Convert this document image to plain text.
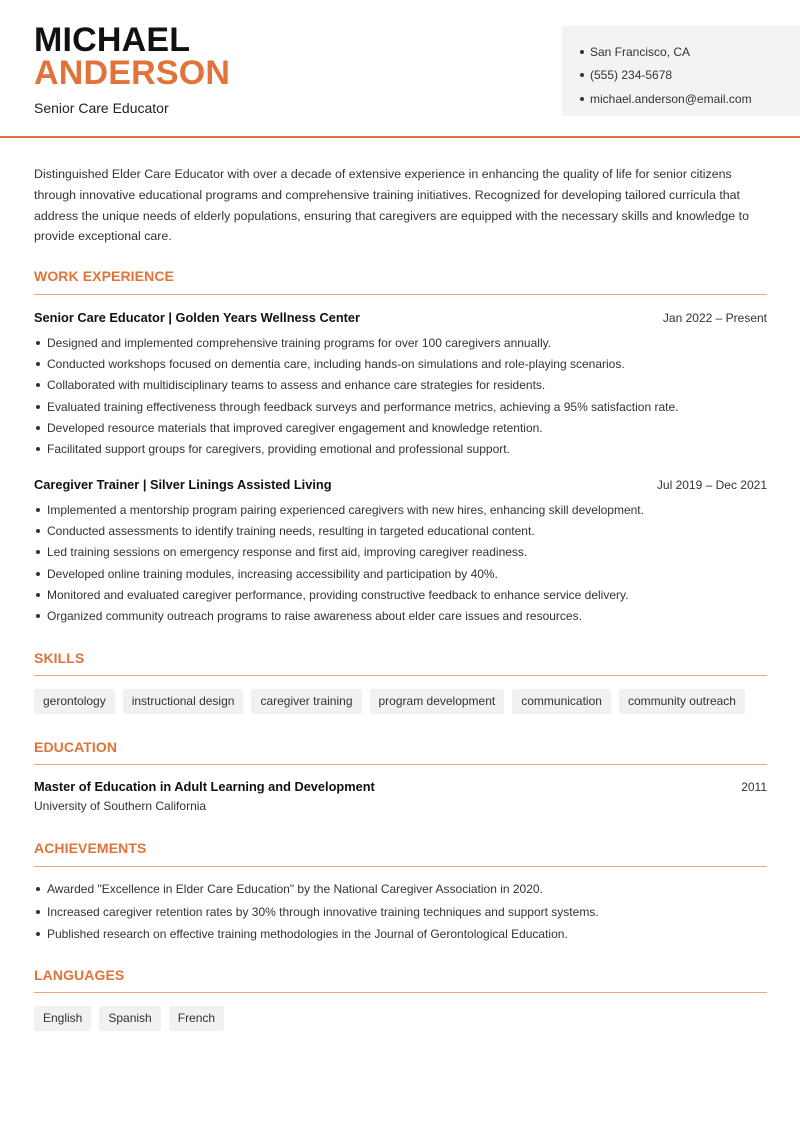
MICHAEL
ANDERSON
Senior Care Educator
San Francisco, CA
(555) 234-5678
michael.anderson@email.com

Distinguished Elder Care Educator with over a decade of extensive experience in enhancing the quality of life for senior citizens through innovative educational programs and comprehensive training initiatives. Recognized for developing tailored curricula that address the unique needs of elderly populations, ensuring that caregivers are equipped with the necessary skills and knowledge to provide exceptional care.

WORK EXPERIENCE
Senior Care Educator | Golden Years Wellness Center	Jan 2022 – Present
Designed and implemented comprehensive training programs for over 100 caregivers annually.
Conducted workshops focused on dementia care, including hands-on simulations and role-playing scenarios.
Collaborated with multidisciplinary teams to assess and enhance care strategies for residents.
Evaluated training effectiveness through feedback surveys and performance metrics, achieving a 95% satisfaction rate.
Developed resource materials that improved caregiver engagement and knowledge retention.
Facilitated support groups for caregivers, providing emotional and professional support.
Caregiver Trainer | Silver Linings Assisted Living	Jul 2019 – Dec 2021
Implemented a mentorship program pairing experienced caregivers with new hires, enhancing skill development.
Conducted assessments to identify training needs, resulting in targeted educational content.
Led training sessions on emergency response and first aid, improving caregiver readiness.
Developed online training modules, increasing accessibility and participation by 40%.
Monitored and evaluated caregiver performance, providing constructive feedback to enhance service delivery.
Organized community outreach programs to raise awareness about elder care issues and resources.
SKILLS
gerontology	instructional design	caregiver training	program development	communication	community outreach
EDUCATION
Master of Education in Adult Learning and Development	2011
University of Southern California
ACHIEVEMENTS
Awarded "Excellence in Elder Care Education" by the National Caregiver Association in 2020.
Increased caregiver retention rates by 30% through innovative training techniques and support systems.
Published research on effective training methodologies in the Journal of Gerontological Education.
LANGUAGES
English	Spanish	French
